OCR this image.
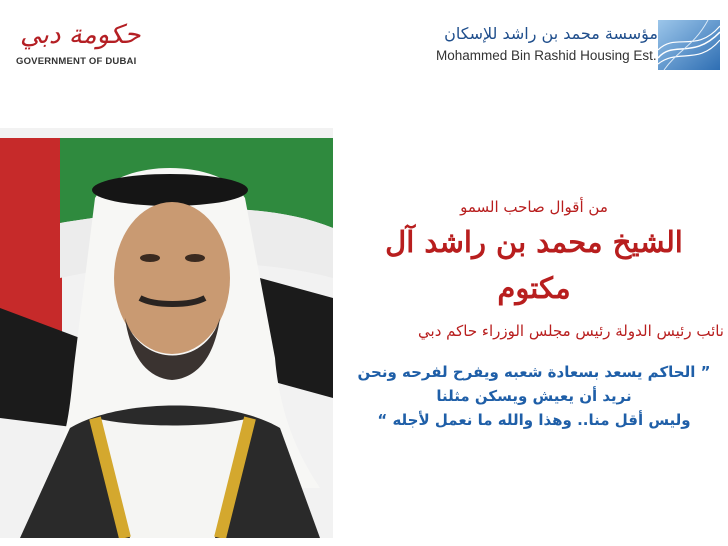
حكومة دبي
GOVERNMENT OF DUBAI
مؤسسة محمد بن راشد للإسكان
Mohammed Bin Rashid Housing Est.
من أقوال صاحب السمو
الشيخ محمد بن راشد آل
مكتوم
نائب رئيس الدولة رئيس مجلس الوزراء حاكم دبي
” الحاكم يسعد بسعادة شعبه ويفرح لفرحه ونحن
نريد أن يعيش ويسكن مثلنا
وليس أقل منا.. وهذا والله ما نعمل لأجله “
